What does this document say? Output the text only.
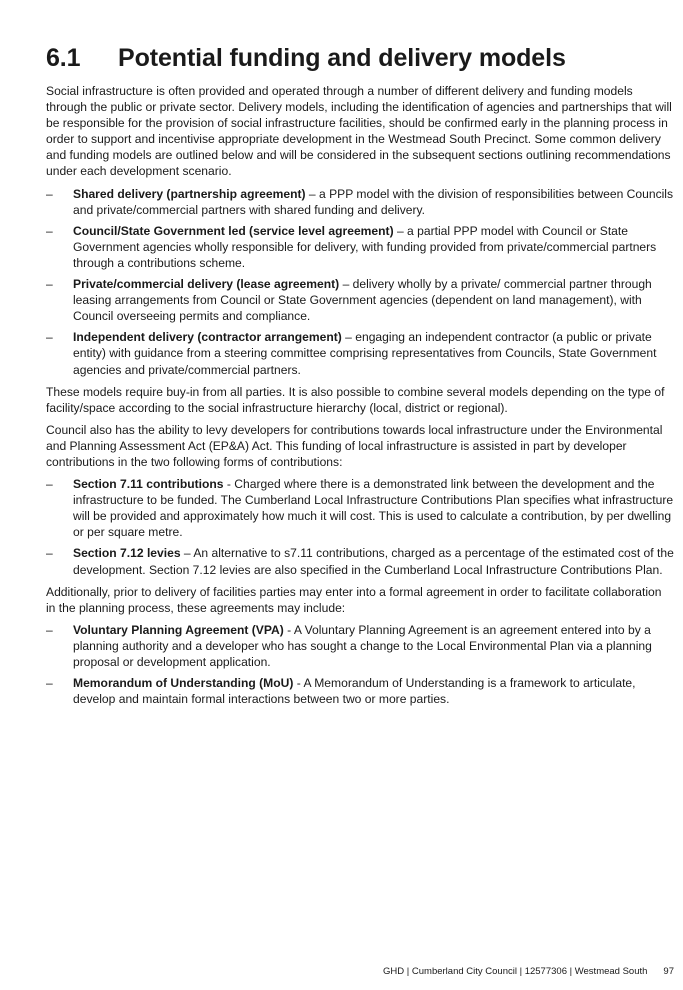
6.1	Potential funding and delivery models

Social infrastructure is often provided and operated through a number of different delivery and funding models through the public or private sector. Delivery models, including the identification of agencies and partnerships that will be responsible for the provision of social infrastructure facilities, should be confirmed early in the planning process in order to support and incentivise appropriate development in the Westmead South Precinct. Some common delivery and funding models are outlined below and will be considered in the subsequent sections outlining recommendations under each development scenario.

– Shared delivery (partnership agreement) – a PPP model with the division of responsibilities between Councils and private/commercial partners with shared funding and delivery.
– Council/State Government led (service level agreement) – a partial PPP model with Council or State Government agencies wholly responsible for delivery, with funding provided from private/commercial partners through a contributions scheme.
– Private/commercial delivery (lease agreement) – delivery wholly by a private/ commercial partner through leasing arrangements from Council or State Government agencies (dependent on land management), with Council overseeing permits and compliance.
– Independent delivery (contractor arrangement) – engaging an independent contractor (a public or private entity) with guidance from a steering committee comprising representatives from Councils, State Government agencies and private/commercial partners.

These models require buy-in from all parties. It is also possible to combine several models depending on the type of facility/space according to the social infrastructure hierarchy (local, district or regional).

Council also has the ability to levy developers for contributions towards local infrastructure under the Environmental and Planning Assessment Act (EP&A) Act. This funding of local infrastructure is assisted in part by developer contributions in the two following forms of contributions:

– Section 7.11 contributions - Charged where there is a demonstrated link between the development and the infrastructure to be funded. The Cumberland Local Infrastructure Contributions Plan specifies what infrastructure will be provided and approximately how much it will cost. This is used to calculate a contribution, by per dwelling or per square metre.
– Section 7.12 levies – An alternative to s7.11 contributions, charged as a percentage of the estimated cost of the development. Section 7.12 levies are also specified in the Cumberland Local Infrastructure Contributions Plan.

Additionally, prior to delivery of facilities parties may enter into a formal agreement in order to facilitate collaboration in the planning process, these agreements may include:

– Voluntary Planning Agreement (VPA) - A Voluntary Planning Agreement is an agreement entered into by a planning authority and a developer who has sought a change to the Local Environmental Plan via a planning proposal or development application.
– Memorandum of Understanding (MoU) - A Memorandum of Understanding is a framework to articulate, develop and maintain formal interactions between two or more parties.
GHD | Cumberland City Council | 12577306 | Westmead South 97
